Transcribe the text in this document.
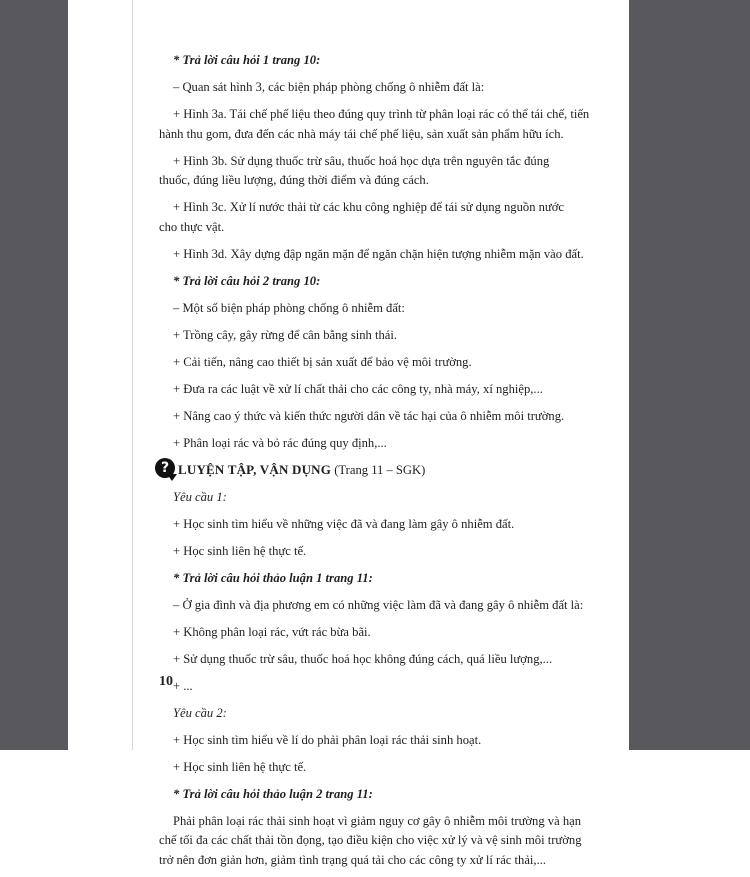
* Trả lời câu hỏi 1 trang 10:
– Quan sát hình 3, các biện pháp phòng chống ô nhiễm đất là:
+ Hình 3a. Tái chế phế liệu theo đúng quy trình từ phân loại rác có thể tái chế, tiến
hành thu gom, đưa đến các nhà máy tái chế phế liệu, sản xuất sản phẩm hữu ích.
+ Hình 3b. Sử dụng thuốc trừ sâu, thuốc hoá học dựa trên nguyên tắc đúng
thuốc, đúng liều lượng, đúng thời điểm và đúng cách.
+ Hình 3c. Xử lí nước thải từ các khu công nghiệp để tái sử dụng nguồn nước
cho thực vật.
+ Hình 3d. Xây dựng đập ngăn mặn để ngăn chặn hiện tượng nhiễm mặn vào đất.
* Trả lời câu hỏi 2 trang 10:
– Một số biện pháp phòng chống ô nhiễm đất:
+ Trồng cây, gây rừng để cân bằng sinh thái.
+ Cải tiến, nâng cao thiết bị sản xuất để bảo vệ môi trường.
+ Đưa ra các luật về xử lí chất thải cho các công ty, nhà máy, xí nghiệp,...
+ Nâng cao ý thức và kiến thức người dân về tác hại của ô nhiễm môi trường.
+ Phân loại rác và bỏ rác đúng quy định,...
? LUYỆN TẬP, VẬN DỤNG (Trang 11 – SGK)
Yêu cầu 1:
+ Học sinh tìm hiểu về những việc đã và đang làm gây ô nhiễm đất.
+ Học sinh liên hệ thực tế.
* Trả lời câu hỏi thảo luận 1 trang 11:
– Ở gia đình và địa phương em có những việc làm đã và đang gây ô nhiễm đất là:
+ Không phân loại rác, vứt rác bừa bãi.
+ Sử dụng thuốc trừ sâu, thuốc hoá học không đúng cách, quá liều lượng,...
+ ...
Yêu cầu 2:
+ Học sinh tìm hiểu về lí do phải phân loại rác thải sinh hoạt.
+ Học sinh liên hệ thực tế.
* Trả lời câu hỏi thảo luận 2 trang 11:
Phải phân loại rác thải sinh hoạt vì giảm nguy cơ gây ô nhiễm môi trường và hạn
chế tối đa các chất thải tồn đọng, tạo điều kiện cho việc xử lý và vệ sinh môi trường
trở nên đơn giản hơn, giảm tình trạng quá tải cho các công ty xử lí rác thải,...
10
